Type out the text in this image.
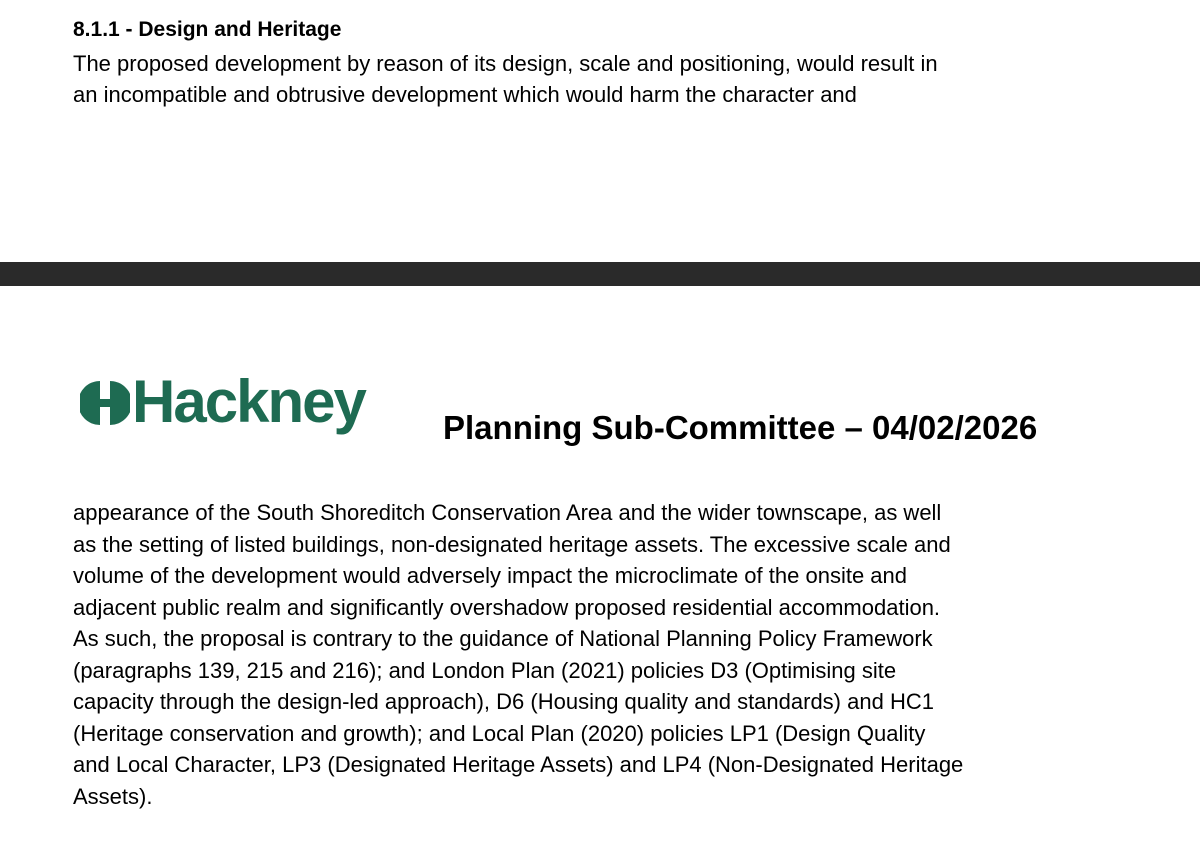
8.1.1 - Design and Heritage

The proposed development by reason of its design, scale and positioning, would result in
an incompatible and obtrusive development which would harm the character and

Hackney Planning Sub-Committee – 04/02/2026

appearance of the South Shoreditch Conservation Area and the wider townscape, as well
as the setting of listed buildings, non-designated heritage assets. The excessive scale and
volume of the development would adversely impact the microclimate of the onsite and
adjacent public realm and significantly overshadow proposed residential accommodation.
As such, the proposal is contrary to the guidance of National Planning Policy Framework
(paragraphs 139, 215 and 216); and London Plan (2021) policies D3 (Optimising site
capacity through the design-led approach), D6 (Housing quality and standards) and HC1
(Heritage conservation and growth); and Local Plan (2020) policies LP1 (Design Quality
and Local Character, LP3 (Designated Heritage Assets) and LP4 (Non-Designated Heritage
Assets).
